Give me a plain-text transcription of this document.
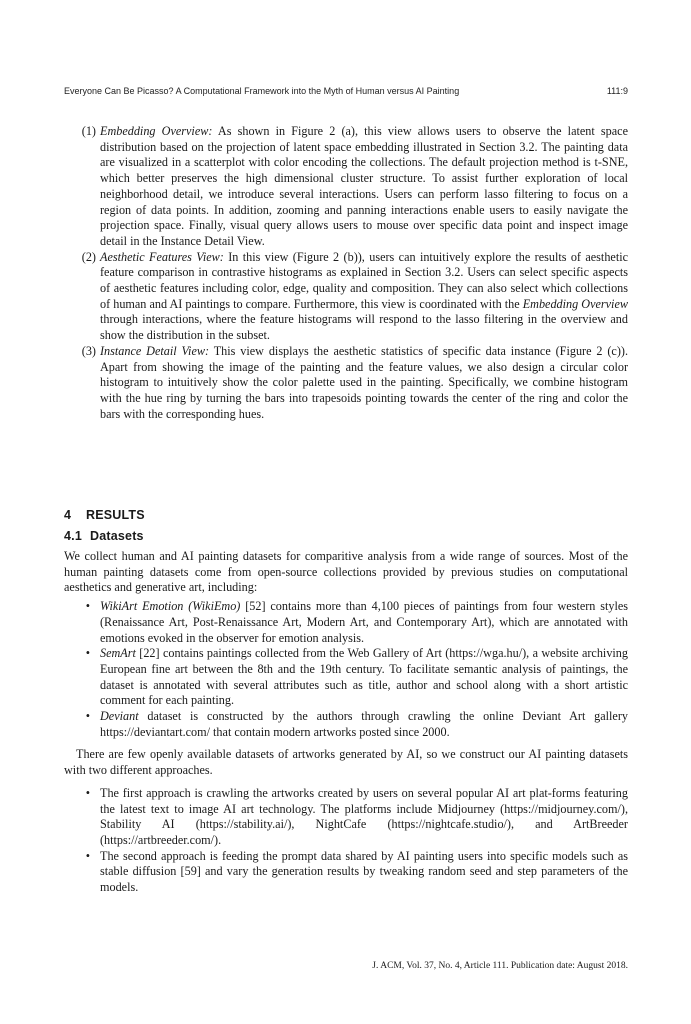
Everyone Can Be Picasso? A Computational Framework into the Myth of Human versus AI Painting	111:9
(1) Embedding Overview: As shown in Figure 2 (a), this view allows users to observe the latent space distribution based on the projection of latent space embedding illustrated in Section 3.2. The painting data are visualized in a scatterplot with color encoding the collections. The default projection method is t-SNE, which better preserves the high dimensional cluster structure. To assist further exploration of local neighborhood detail, we introduce several interactions. Users can perform lasso filtering to focus on a region of data points. In addition, zooming and panning interactions enable users to easily navigate the projection space. Finally, visual query allows users to mouse over specific data point and inspect image detail in the Instance Detail View.
(2) Aesthetic Features View: In this view (Figure 2 (b)), users can intuitively explore the results of aesthetic feature comparison in contrastive histograms as explained in Section 3.2. Users can select specific aspects of aesthetic features including color, edge, quality and composition. They can also select which collections of human and AI paintings to compare. Furthermore, this view is coordinated with the Embedding Overview through interactions, where the feature histograms will respond to the lasso filtering in the overview and show the distribution in the subset.
(3) Instance Detail View: This view displays the aesthetic statistics of specific data instance (Figure 2 (c)). Apart from showing the image of the painting and the feature values, we also design a circular color histogram to intuitively show the color palette used in the painting. Specifically, we combine histogram with the hue ring by turning the bars into trapesoids pointing towards the center of the ring and color the bars with the corresponding hues.
4 RESULTS
4.1 Datasets

We collect human and AI painting datasets for comparitive analysis from a wide range of sources. Most of the human painting datasets come from open-source collections provided by previous studies on computational aesthetics and generative art, including:

• WikiArt Emotion (WikiEmo) [52] contains more than 4,100 pieces of paintings from four western styles (Renaissance Art, Post-Renaissance Art, Modern Art, and Contemporary Art), which are annotated with emotions evoked in the observer for emotion analysis.
• SemArt [22] contains paintings collected from the Web Gallery of Art (https://wga.hu/), a website archiving European fine art between the 8th and the 19th century. To facilitate semantic analysis of paintings, the dataset is annotated with several attributes such as title, author and school along with a short artistic comment for each painting.
• Deviant dataset is constructed by the authors through crawling the online Deviant Art gallery https://deviantart.com/ that contain modern artworks posted since 2000.

There are few openly available datasets of artworks generated by AI, so we construct our AI painting datasets with two different approaches.

• The first approach is crawling the artworks created by users on several popular AI art plat-forms featuring the latest text to image AI art technology. The platforms include Midjourney (https://midjourney.com/), Stability AI (https://stability.ai/), NightCafe (https://nightcafe.studio/), and ArtBreeder (https://artbreeder.com/).
• The second approach is feeding the prompt data shared by AI painting users into specific models such as stable diffusion [59] and vary the generation results by tweaking random seed and step parameters of the models.
J. ACM, Vol. 37, No. 4, Article 111. Publication date: August 2018.
